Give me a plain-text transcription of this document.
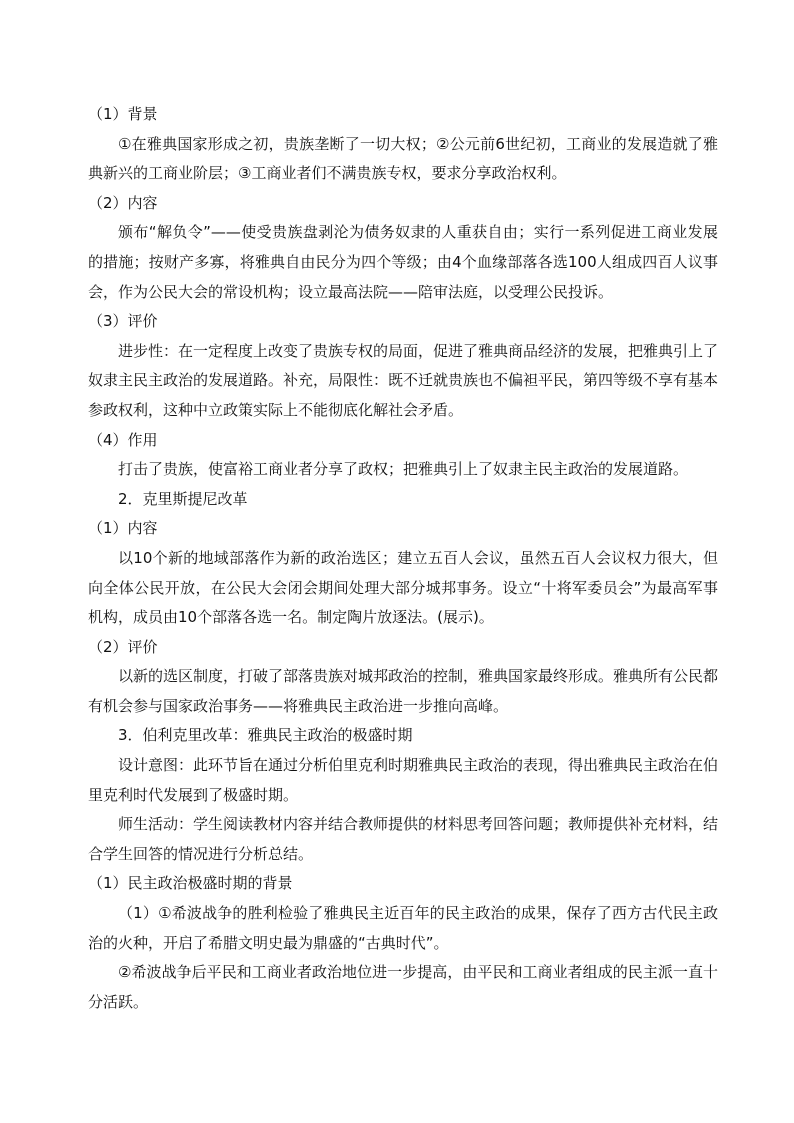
（1）背景

①在雅典国家形成之初，贵族垄断了一切大权；②公元前6世纪初，工商业的发展造就了雅典新兴的工商业阶层；③工商业者们不满贵族专权，要求分享政治权利。

（2）内容

颁布“解负令”——使受贵族盘剥沦为债务奴隶的人重获自由；实行一系列促进工商业发展的措施；按财产多寡，将雅典自由民分为四个等级；由4个血缘部落各选100人组成四百人议事会，作为公民大会的常设机构；设立最高法院——陪审法庭，以受理公民投诉。

（3）评价

进步性：在一定程度上改变了贵族专权的局面，促进了雅典商品经济的发展，把雅典引上了奴隶主民主政治的发展道路。补充，局限性：既不迁就贵族也不偏袒平民，第四等级不享有基本参政权利，这种中立政策实际上不能彻底化解社会矛盾。

（4）作用

打击了贵族，使富裕工商业者分享了政权；把雅典引上了奴隶主民主政治的发展道路。

2．克里斯提尼改革

（1）内容

以10个新的地域部落作为新的政治选区；建立五百人会议，虽然五百人会议权力很大，但向全体公民开放，在公民大会闭会期间处理大部分城邦事务。设立“十将军委员会”为最高军事机构，成员由10个部落各选一名。制定陶片放逐法。(展示)。

（2）评价

以新的选区制度，打破了部落贵族对城邦政治的控制，雅典国家最终形成。雅典所有公民都有机会参与国家政治事务——将雅典民主政治进一步推向高峰。

3．伯利克里改革：雅典民主政治的极盛时期

设计意图：此环节旨在通过分析伯里克利时期雅典民主政治的表现，得出雅典民主政治在伯里克利时代发展到了极盛时期。

师生活动：学生阅读教材内容并结合教师提供的材料思考回答问题；教师提供补充材料，结合学生回答的情况进行分析总结。

（1）民主政治极盛时期的背景

（1）①希波战争的胜利检验了雅典民主近百年的民主政治的成果，保存了西方古代民主政治的火种，开启了希腊文明史最为鼎盛的“古典时代”。

②希波战争后平民和工商业者政治地位进一步提高，由平民和工商业者组成的民主派一直十分活跃。
